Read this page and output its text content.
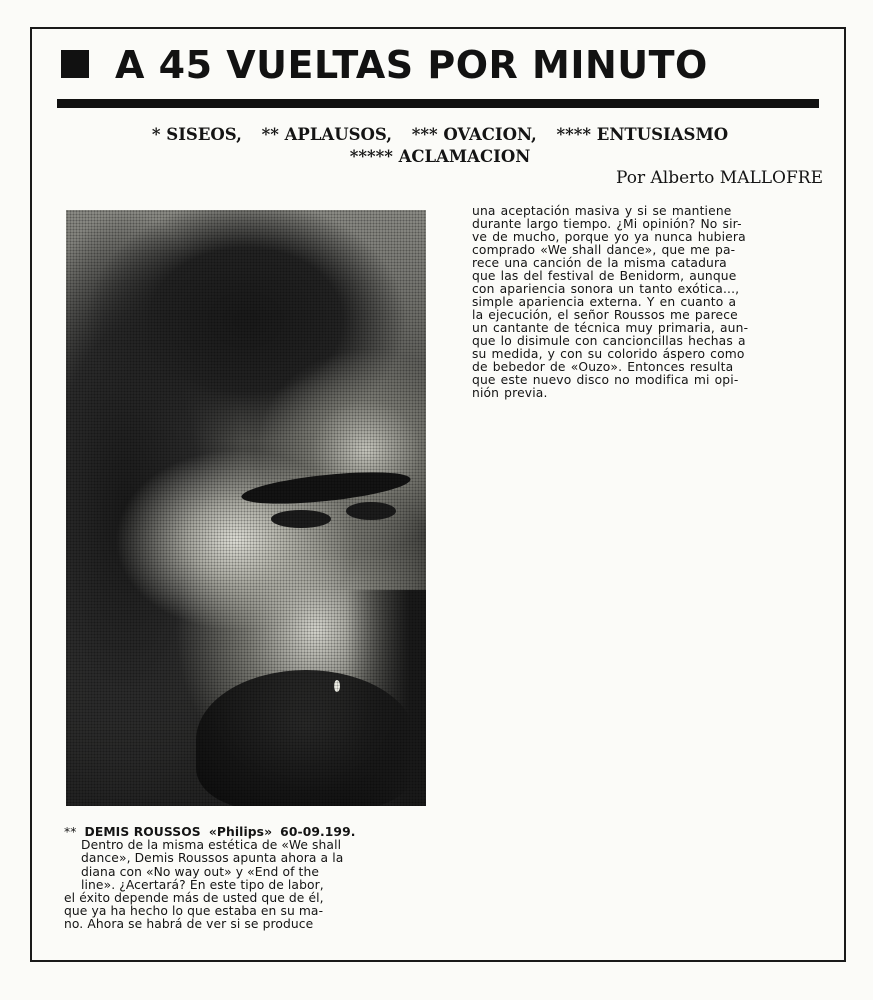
A 45 VUELTAS POR MINUTO
* SISEOS, ** APLAUSOS, *** OVACION, **** ENTUSIASMO
***** ACLAMACION
Por Alberto MALLOFRE

una aceptación masiva y si se mantiene
durante largo tiempo. ¿Mi opinión? No sir-
ve de mucho, porque yo ya nunca hubiera
comprado «We shall dance», que me pa-
rece una canción de la misma catadura
que las del festival de Benidorm, aunque
con apariencia sonora un tanto exótica...,
simple apariencia externa. Y en cuanto a
la ejecución, el señor Roussos me parece
un cantante de técnica muy primaria, aun-
que lo disimule con cancioncillas hechas a
su medida, y con su colorido áspero como
de bebedor de «Ouzo». Entonces resulta
que este nuevo disco no modifica mi opi-
nión previa.

** DEMIS ROUSSOS «Philips» 60-09.199.
Dentro de la misma estética de «We shall
dance», Demis Roussos apunta ahora a la
diana con «No way out» y «End of the
line». ¿Acertará? En este tipo de labor,
el éxito depende más de usted que de él,
que ya ha hecho lo que estaba en su ma-
no. Ahora se habrá de ver si se produce
